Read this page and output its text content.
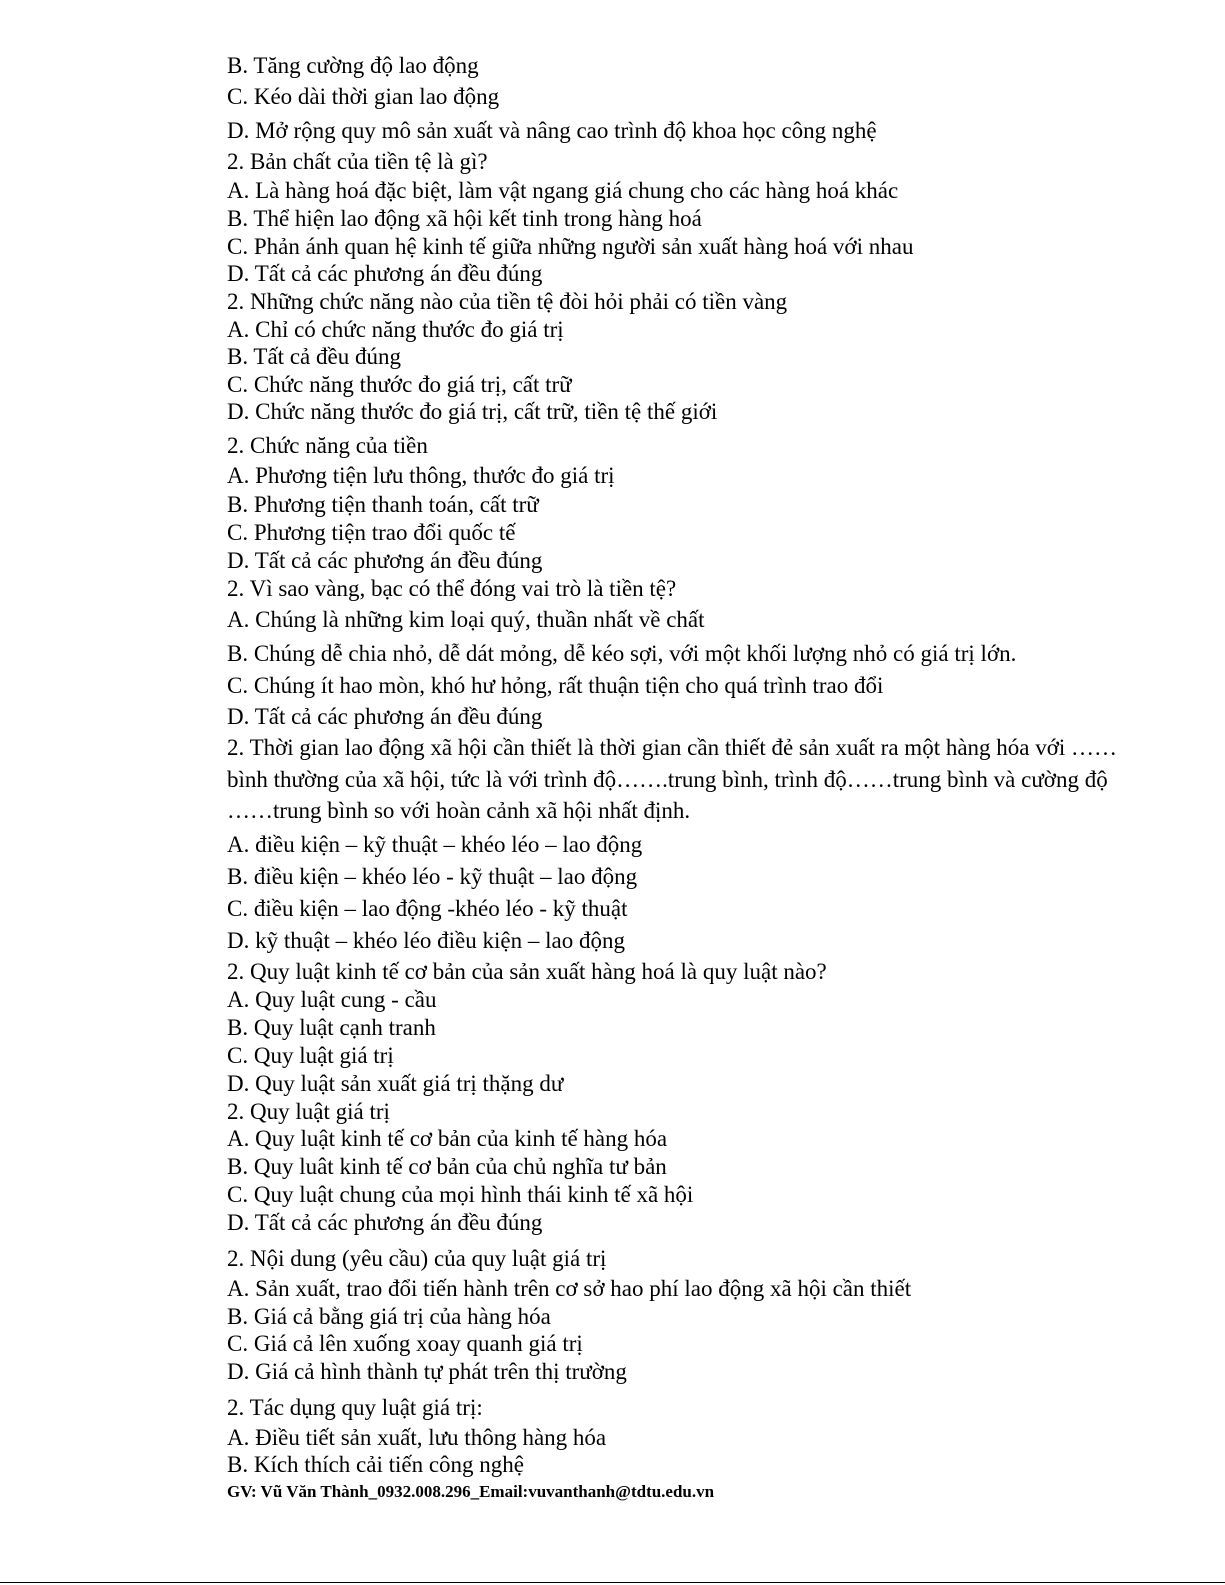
B. Tăng cường độ lao động
C. Kéo dài thời gian lao động
D. Mở rộng quy mô sản xuất và nâng cao trình độ khoa học công nghệ
2. Bản chất của tiền tệ là gì?
A. Là hàng hoá đặc biệt, làm vật ngang giá chung cho các hàng hoá khác
B. Thể hiện lao động xã hội kết tinh trong hàng hoá
C. Phản ánh quan hệ kinh tế giữa những người sản xuất hàng hoá với nhau
D. Tất cả các phương án đều đúng
2. Những chức năng nào của tiền tệ đòi hỏi phải có tiền vàng
A. Chỉ có chức năng thước đo giá trị
B. Tất cả đều đúng
C. Chức năng thước đo giá trị, cất trữ
D. Chức năng thước đo giá trị, cất trữ, tiền tệ thế giới
2. Chức năng của tiền
A. Phương tiện lưu thông, thước đo giá trị
B. Phương tiện thanh toán, cất trữ
C. Phương tiện trao đổi quốc tế
D. Tất cả các phương án đều đúng
2. Vì sao vàng, bạc có thể đóng vai trò là tiền tệ?
A. Chúng là những kim loại quý, thuần nhất về chất
B. Chúng dễ chia nhỏ, dễ dát mỏng, dễ kéo sợi, với một khối lượng nhỏ có giá trị lớn.
C. Chúng ít hao mòn, khó hư hỏng, rất thuận tiện cho quá trình trao đổi
D. Tất cả các phương án đều đúng
2. Thời gian lao động xã hội cần thiết là thời gian cần thiết đẻ sản xuất ra một hàng hóa với ……
bình thường của xã hội, tức là với trình độ…….trung bình, trình độ……trung bình và cường độ
……trung bình so với hoàn cảnh xã hội nhất định.
A. điều kiện – kỹ thuật – khéo léo – lao động
B. điều kiện – khéo léo - kỹ thuật – lao động
C. điều kiện – lao động -khéo léo - kỹ thuật
D. kỹ thuật – khéo léo điều kiện – lao động
2. Quy luật kinh tế cơ bản của sản xuất hàng hoá là quy luật nào?
A. Quy luật cung - cầu
B. Quy luật cạnh tranh
C. Quy luật giá trị
D. Quy luật sản xuất giá trị thặng dư
2. Quy luật giá trị
A. Quy luật kinh tế cơ bản của kinh tế hàng hóa
B. Quy luât kinh tế cơ bản của chủ nghĩa tư bản
C. Quy luật chung của mọi hình thái kinh tế xã hội
D. Tất cả các phương án đều đúng
2. Nội dung (yêu cầu) của quy luật giá trị
A. Sản xuất, trao đổi tiến hành trên cơ sở hao phí lao động xã hội cần thiết
B. Giá cả bằng giá trị của hàng hóa
C. Giá cả lên xuống xoay quanh giá trị
D. Giá cả hình thành tự phát trên thị trường
2. Tác dụng quy luật giá trị:
A. Điều tiết sản xuất, lưu thông hàng hóa
B. Kích thích cải tiến công nghệ
GV: Vũ Văn Thành_0932.008.296_Email:vuvanthanh@tdtu.edu.vn
